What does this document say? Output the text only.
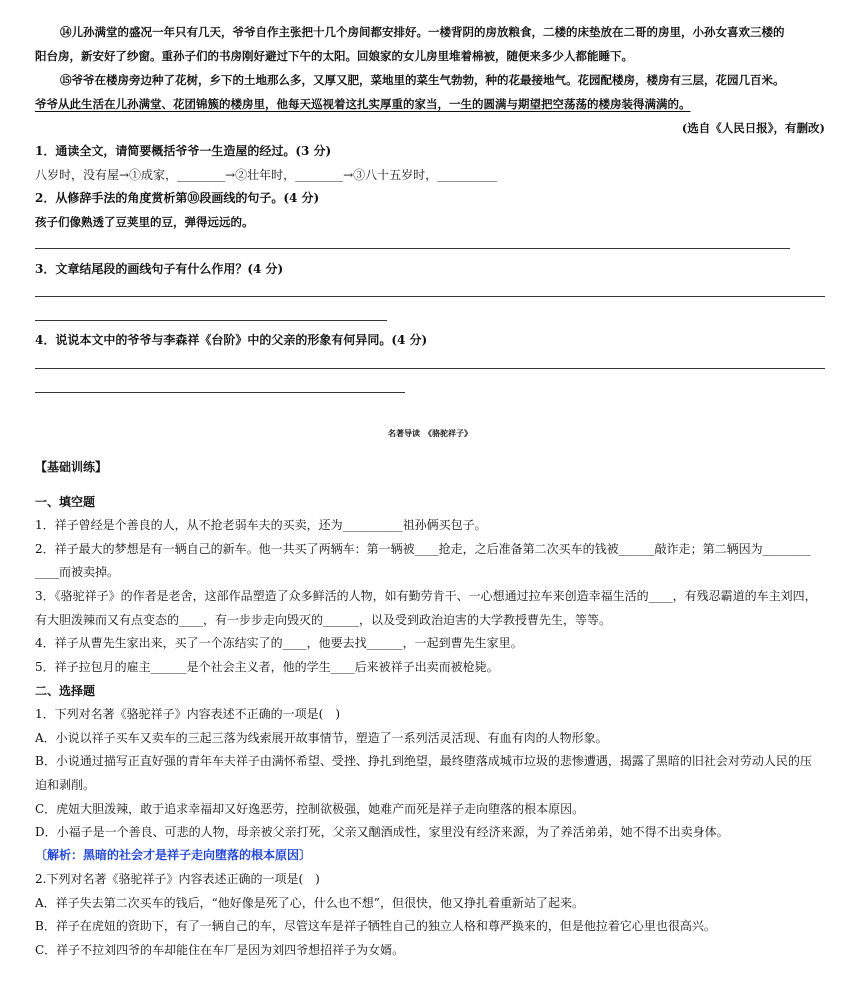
⑭儿孙满堂的盛况一年只有几天，爷爷自作主张把十几个房间都安排好。一楼背阴的房放粮食，二楼的床垫放在二哥的房里，小孙女喜欢三楼的
阳台房，新安好了纱窗。重孙子们的书房刚好避过下午的太阳。回娘家的女儿房里堆着棉被，随便来多少人都能睡下。
⑮爷爷在楼房旁边种了花树，乡下的土地那么多，又厚又肥，菜地里的菜生气勃勃，种的花最接地气。花园配楼房，楼房有三层，花园几百米。
爷爷从此生活在儿孙满堂、花团锦簇的楼房里，他每天巡视着这扎实厚重的家当，一生的圆满与期望把空荡荡的楼房装得满满的。
(选自《人民日报》，有删改)
1．通读全文，请简要概括爷爷一生造屋的经过。(3 分)
八岁时，没有屋→①成家，________→②壮年时，________→③八十五岁时，__________
2．从修辞手法的角度赏析第⑩段画线的句子。(4 分)
孩子们像熟透了豆荚里的豆，弹得远远的。
3．文章结尾段的画线句子有什么作用？(4 分)
4．说说本文中的爷爷与李森祥《台阶》中的父亲的形象有何异同。(4 分)
名著导读　《骆驼祥子》
【基础训练】
一、填空题
1．祥子曾经是个善良的人，从不抢老弱车夫的买卖，还为__________祖孙俩买包子。
2．祥子最大的梦想是有一辆自己的新车。他一共买了两辆车：第一辆被____抢走，之后准备第二次买车的钱被______敲诈走；第二辆因为________
____而被卖掉。
3．《骆驼祥子》的作者是老舍，这部作品塑造了众多鲜活的人物，如有勤劳肯干、一心想通过拉车来创造幸福生活的____，有残忍霸道的车主刘四，
有大胆泼辣而又有点变态的____，有一步步走向毁灭的______，以及受到政治迫害的大学教授曹先生，等等。
4．祥子从曹先生家出来，买了一个冻结实了的____，他要去找______，一起到曹先生家里。
5．祥子拉包月的雇主______是个社会主义者，他的学生____后来被祥子出卖而被枪毙。
二、选择题
1．下列对名著《骆驼祥子》内容表述不正确的一项是(　)
A．小说以祥子买车又卖车的三起三落为线索展开故事情节，塑造了一系列活灵活现、有血有肉的人物形象。
B．小说通过描写正直好强的青年车夫祥子由满怀希望、受挫、挣扎到绝望，最终堕落成城市垃圾的悲惨遭遇，揭露了黑暗的旧社会对劳动人民的压
迫和剥削。
C．虎妞大胆泼辣，敢于追求幸福却又好逸恶劳，控制欲极强，她难产而死是祥子走向堕落的根本原因。
D．小福子是一个善良、可悲的人物，母亲被父亲打死，父亲又酗酒成性，家里没有经济来源，为了养活弟弟，她不得不出卖身体。
〔解析：黑暗的社会才是祥子走向堕落的根本原因〕
2.下列对名著《骆驼祥子》内容表述正确的一项是(　)
A．祥子失去第二次买车的钱后，“他好像是死了心，什么也不想”，但很快，他又挣扎着重新站了起来。
B．祥子在虎妞的资助下，有了一辆自己的车，尽管这车是祥子牺牲自己的独立人格和尊严换来的，但是他拉着它心里也很高兴。
C．祥子不拉刘四爷的车却能住在车厂是因为刘四爷想招祥子为女婿。
